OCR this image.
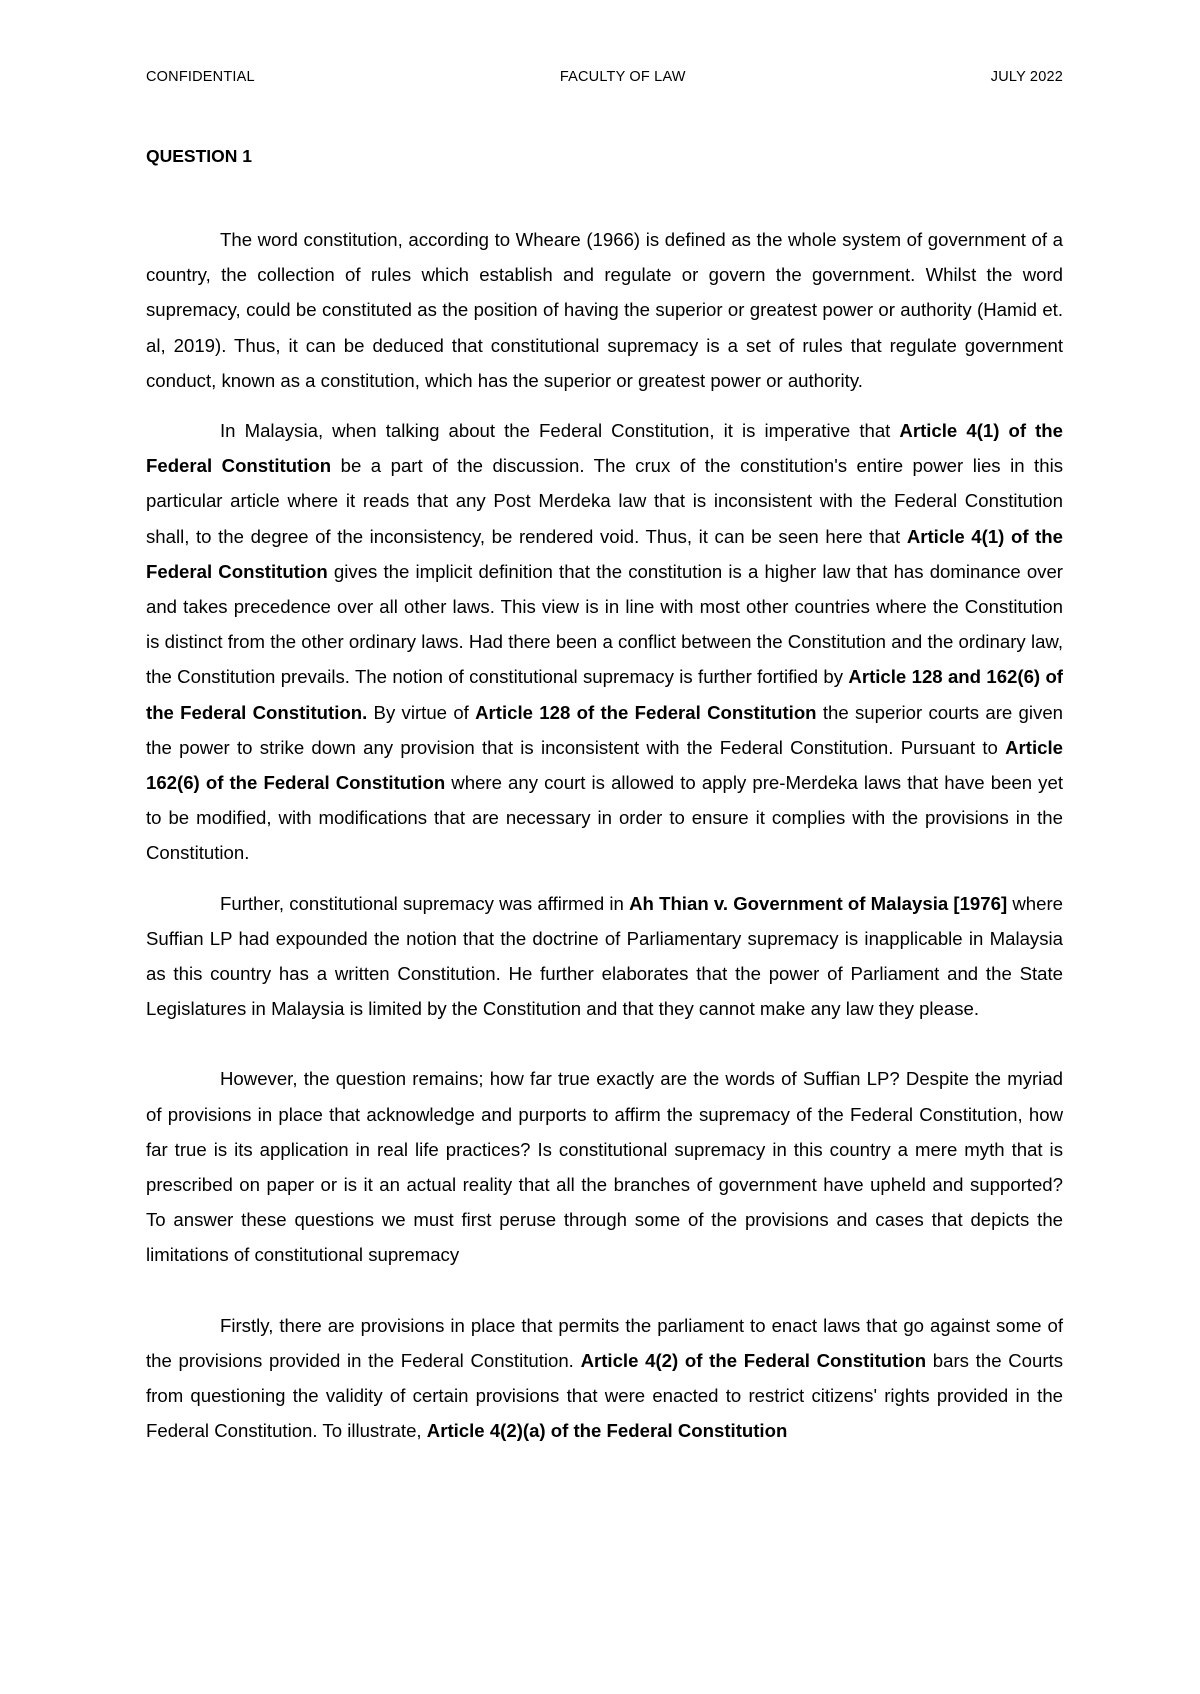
CONFIDENTIAL	FACULTY OF LAW	JULY 2022
QUESTION 1

The word constitution, according to Wheare (1966) is defined as the whole system of government of a country, the collection of rules which establish and regulate or govern the government. Whilst the word supremacy, could be constituted as the position of having the superior or greatest power or authority (Hamid et. al, 2019). Thus, it can be deduced that constitutional supremacy is a set of rules that regulate government conduct, known as a constitution, which has the superior or greatest power or authority.

In Malaysia, when talking about the Federal Constitution, it is imperative that Article 4(1) of the Federal Constitution be a part of the discussion. The crux of the constitution's entire power lies in this particular article where it reads that any Post Merdeka law that is inconsistent with the Federal Constitution shall, to the degree of the inconsistency, be rendered void. Thus, it can be seen here that Article 4(1) of the Federal Constitution gives the implicit definition that the constitution is a higher law that has dominance over and takes precedence over all other laws. This view is in line with most other countries where the Constitution is distinct from the other ordinary laws. Had there been a conflict between the Constitution and the ordinary law, the Constitution prevails. The notion of constitutional supremacy is further fortified by Article 128 and 162(6) of the Federal Constitution. By virtue of Article 128 of the Federal Constitution the superior courts are given the power to strike down any provision that is inconsistent with the Federal Constitution. Pursuant to Article 162(6) of the Federal Constitution where any court is allowed to apply pre-Merdeka laws that have been yet to be modified, with modifications that are necessary in order to ensure it complies with the provisions in the Constitution.

Further, constitutional supremacy was affirmed in Ah Thian v. Government of Malaysia [1976] where Suffian LP had expounded the notion that the doctrine of Parliamentary supremacy is inapplicable in Malaysia as this country has a written Constitution. He further elaborates that the power of Parliament and the State Legislatures in Malaysia is limited by the Constitution and that they cannot make any law they please.

However, the question remains; how far true exactly are the words of Suffian LP? Despite the myriad of provisions in place that acknowledge and purports to affirm the supremacy of the Federal Constitution, how far true is its application in real life practices? Is constitutional supremacy in this country a mere myth that is prescribed on paper or is it an actual reality that all the branches of government have upheld and supported? To answer these questions we must first peruse through some of the provisions and cases that depicts the limitations of constitutional supremacy

Firstly, there are provisions in place that permits the parliament to enact laws that go against some of the provisions provided in the Federal Constitution. Article 4(2) of the Federal Constitution bars the Courts from questioning the validity of certain provisions that were enacted to restrict citizens' rights provided in the Federal Constitution. To illustrate, Article 4(2)(a) of the Federal Constitution
